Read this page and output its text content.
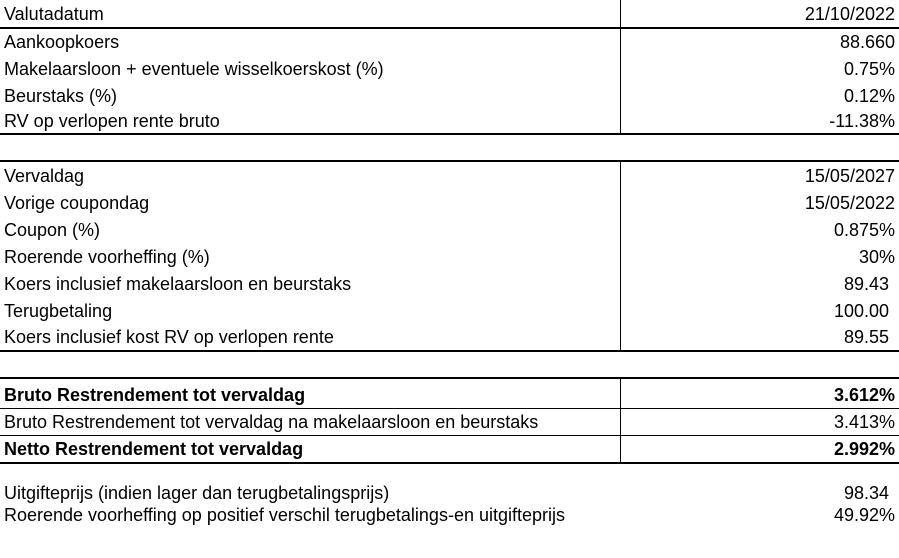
Valutadatum	21/10/2022
Aankoopkoers	88.660
Makelaarsloon + eventuele wisselkoerskost (%)	0.75%
Beurstaks (%)	0.12%
RV op verlopen rente bruto	-11.38%
Vervaldag	15/05/2027
Vorige coupondag	15/05/2022
Coupon (%)	0.875%
Roerende voorheffing (%)	30%
Koers inclusief makelaarsloon en beurstaks	89.43
Terugbetaling	100.00
Koers inclusief kost RV op verlopen rente	89.55
Bruto Restrendement tot vervaldag	3.612%
Bruto Restrendement tot vervaldag na makelaarsloon en beurstaks	3.413%
Netto Restrendement tot vervaldag	2.992%
Uitgifteprijs (indien lager dan terugbetalingsprijs)	98.34
Roerende voorheffing op positief verschil terugbetalings-en uitgifteprijs	49.92%
